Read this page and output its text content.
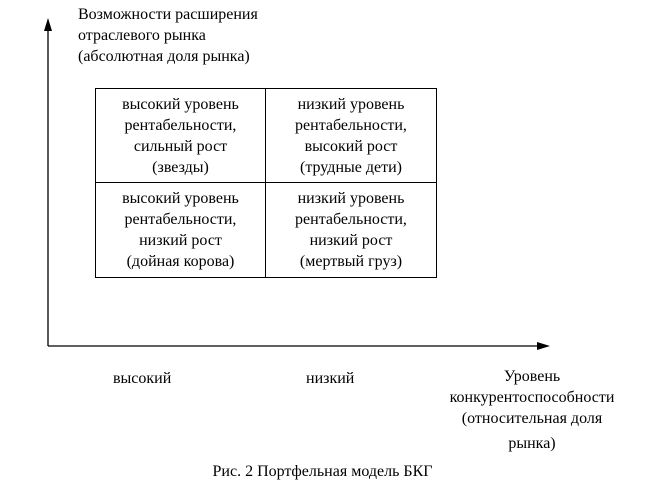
Возможности расширения
отраслевого рынка
(абсолютная доля рынка)
высокий уровень
рентабельности,
сильный рост
(звезды)
низкий уровень
рентабельности,
высокий рост
(трудные дети)
высокий уровень
рентабельности,
низкий рост
(дойная корова)
низкий уровень
рентабельности,
низкий рост
(мертвый груз)
высокий	низкий	Уровень
конкурентоспособности
(относительная доля
рынка)
Рис. 2 Портфельная модель БКГ
